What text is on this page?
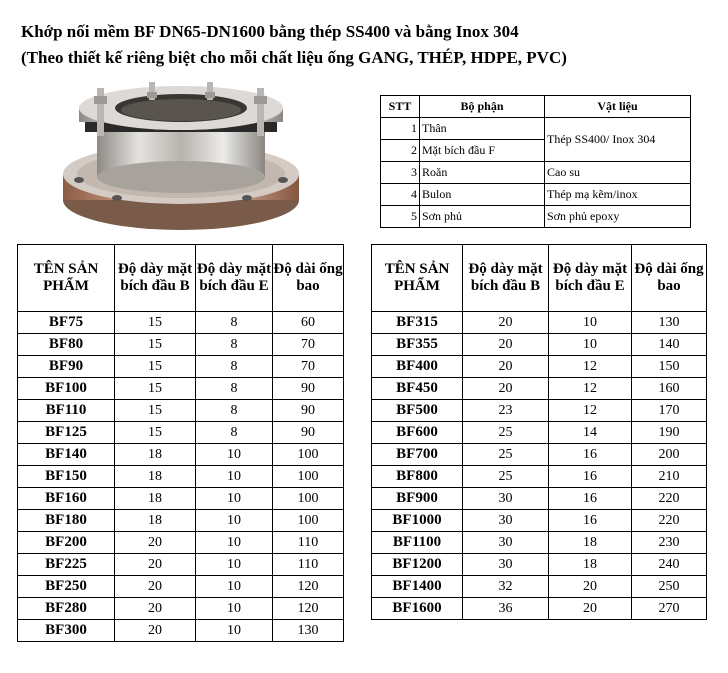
Khớp nối mềm BF DN65-DN1600 bằng thép SS400 và bằng Inox 304
(Theo thiết kế riêng biệt cho mỗi chất liệu ống GANG, THÉP, HDPE, PVC)
STT	Bộ phận	Vật liệu
1	Thân	Thép SS400/ Inox 304
2	Mặt bích đầu F	
3	Roăn	Cao su
4	Bulon	Thép mạ kẽm/inox
5	Sơn phủ	Sơn phủ epoxy
TÊN SẢN PHẨM	Độ dày mặt bích đầu B	Độ dày mặt bích đầu E	Độ dài ống bao
BF75	15	8	60
BF80	15	8	70
BF90	15	8	70
BF100	15	8	90
BF110	15	8	90
BF125	15	8	90
BF140	18	10	100
BF150	18	10	100
BF160	18	10	100
BF180	18	10	100
BF200	20	10	110
BF225	20	10	110
BF250	20	10	120
BF280	20	10	120
BF300	20	10	130
TÊN SẢN PHẨM	Độ dày mặt bích đầu B	Độ dày mặt bích đầu E	Độ dài ống bao
BF315	20	10	130
BF355	20	10	140
BF400	20	12	150
BF450	20	12	160
BF500	23	12	170
BF600	25	14	190
BF700	25	16	200
BF800	25	16	210
BF900	30	16	220
BF1000	30	16	220
BF1100	30	18	230
BF1200	30	18	240
BF1400	32	20	250
BF1600	36	20	270
